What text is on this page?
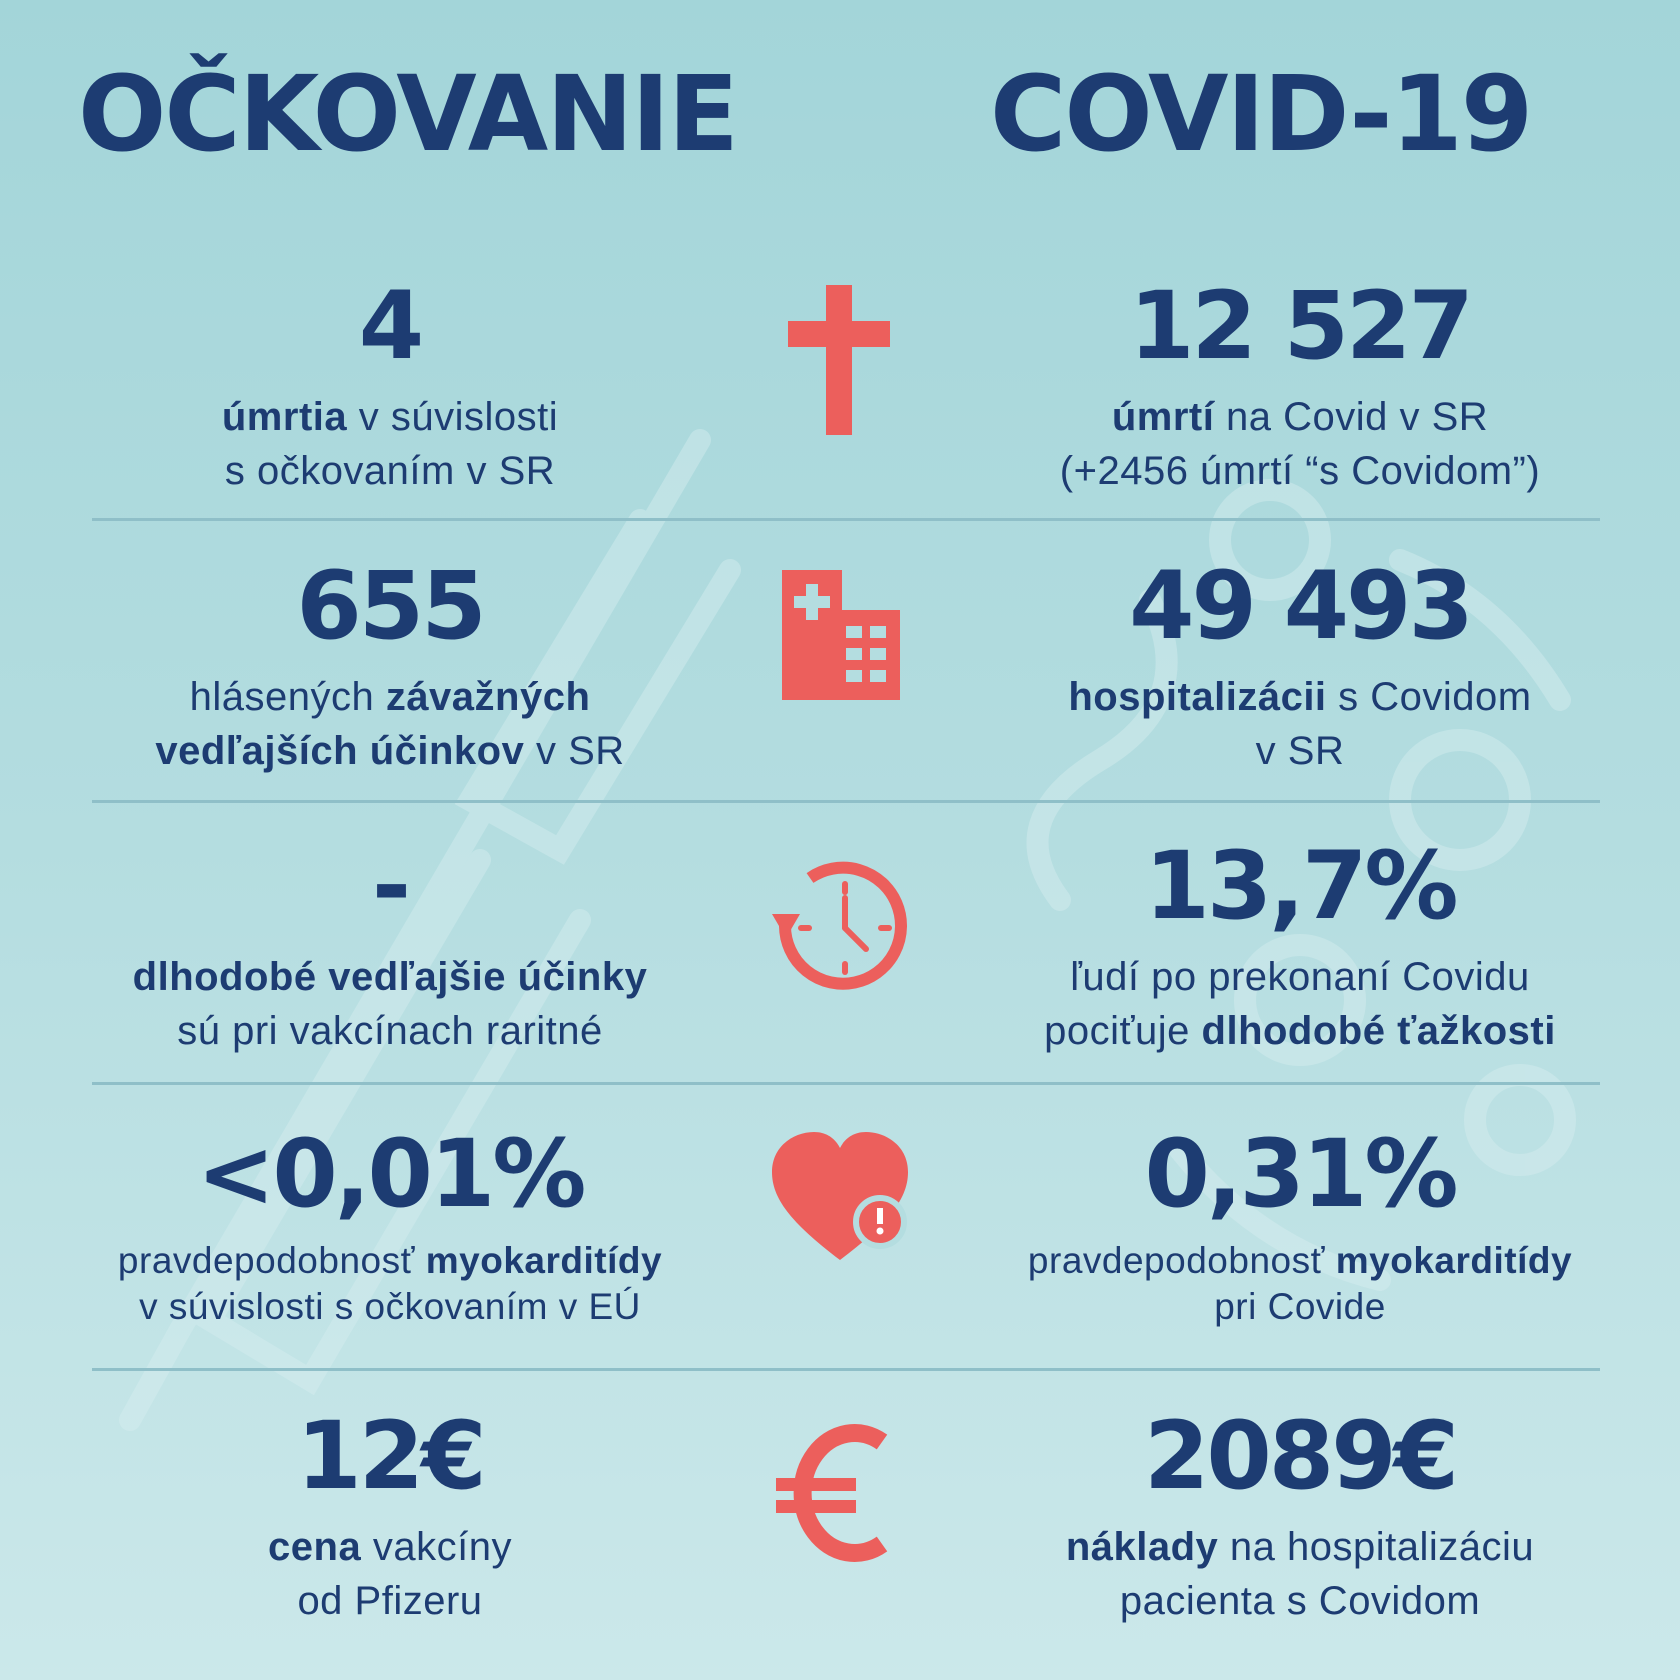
OČKOVANIE COVID-19
4
úmrtia v súvislosti
s očkovaním v SR
12 527
úmrtí na Covid v SR
(+2456 úmrtí “s Covidom”)
655
hlásených závažných
vedľajších účinkov v SR
49 493
hospitalizácii s Covidom
v SR
-
dlhodobé vedľajšie účinky
sú pri vakcínach raritné
13,7%
ľudí po prekonaní Covidu
pociťuje dlhodobé ťažkosti
<0,01%
pravdepodobnosť myokarditídy
v súvislosti s očkovaním v EÚ
0,31%
pravdepodobnosť myokarditídy
pri Covide
12€
cena vakcíny
od Pfizeru
2089€
náklady na hospitalizáciu
pacienta s Covidom
